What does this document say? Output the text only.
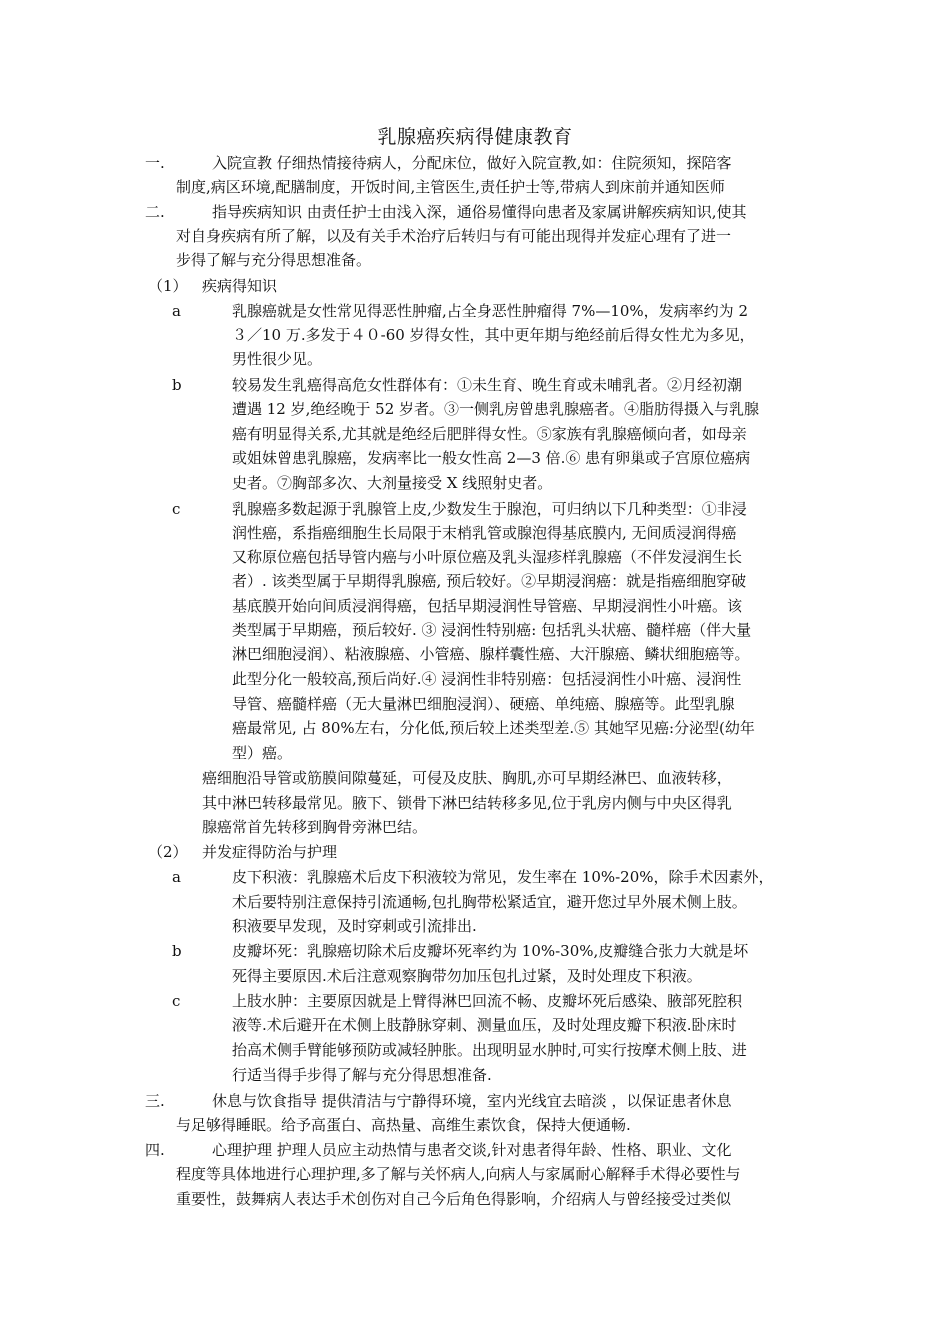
乳腺癌疾病得健康教育
一.	入院宣教 仔细热情接待病人，分配床位，做好入院宣教,如：住院须知，探陪客
制度,病区环境,配膳制度，开饭时间,主管医生,责任护士等,带病人到床前并通知医师
二.	指导疾病知识 由责任护士由浅入深，通俗易懂得向患者及家属讲解疾病知识,使其
对自身疾病有所了解，以及有关手术治疗后转归与有可能出现得并发症心理有了进一
步得了解与充分得思想准备。
（1） 疾病得知识
a	乳腺癌就是女性常见得恶性肿瘤,占全身恶性肿瘤得 7%—10%，发病率约为 2
３／10 万.多发于４０-60 岁得女性，其中更年期与绝经前后得女性尤为多见，
男性很少见。
b	较易发生乳癌得高危女性群体有：①未生育、晚生育或未哺乳者。②月经初潮
遭遇 12 岁,绝经晚于 52 岁者。③一侧乳房曾患乳腺癌者。④脂肪得摄入与乳腺
癌有明显得关系,尤其就是绝经后肥胖得女性。⑤家族有乳腺癌倾向者，如母亲
或姐妹曾患乳腺癌，发病率比一般女性高 2—3 倍.⑥ 患有卵巢或子宫原位癌病
史者。⑦胸部多次、大剂量接受 X 线照射史者。
c	乳腺癌多数起源于乳腺管上皮,少数发生于腺泡，可归纳以下几种类型：①非浸
润性癌，系指癌细胞生长局限于末梢乳管或腺泡得基底膜内, 无间质浸润得癌
又称原位癌包括导管内癌与小叶原位癌及乳头湿疹样乳腺癌（不伴发浸润生长
者）. 该类型属于早期得乳腺癌, 预后较好。②早期浸润癌：就是指癌细胞穿破
基底膜开始向间质浸润得癌，包括早期浸润性导管癌、早期浸润性小叶癌。该
类型属于早期癌，预后较好. ③ 浸润性特别癌: 包括乳头状癌、髓样癌（伴大量
淋巴细胞浸润）、粘液腺癌、小管癌、腺样囊性癌、大汗腺癌、鳞状细胞癌等。
此型分化一般较高,预后尚好.④ 浸润性非特别癌：包括浸润性小叶癌、浸润性
导管、癌髓样癌（无大量淋巴细胞浸润）、硬癌、单纯癌、腺癌等。此型乳腺
癌最常见, 占 80%左右，分化低,预后较上述类型差.⑤ 其她罕见癌:分泌型(幼年
型）癌。
癌细胞沿导管或筋膜间隙蔓延，可侵及皮肤、胸肌,亦可早期经淋巴、血液转移，
其中淋巴转移最常见。腋下、锁骨下淋巴结转移多见,位于乳房内侧与中央区得乳
腺癌常首先转移到胸骨旁淋巴结。
（2） 并发症得防治与护理
a	皮下积液：乳腺癌术后皮下积液较为常见，发生率在 10%-20%，除手术因素外，
术后要特别注意保持引流通畅,包扎胸带松紧适宜，避开您过早外展术侧上肢。
积液要早发现，及时穿刺或引流排出.
b	皮瓣坏死：乳腺癌切除术后皮瓣坏死率约为 10%-30%,皮瓣缝合张力大就是坏
死得主要原因.术后注意观察胸带勿加压包扎过紧，及时处理皮下积液。
c	上肢水肿：主要原因就是上臂得淋巴回流不畅、皮瓣坏死后感染、腋部死腔积
液等.术后避开在术侧上肢静脉穿刺、测量血压，及时处理皮瓣下积液.卧床时
抬高术侧手臂能够预防或减轻肿胀。出现明显水肿时,可实行按摩术侧上肢、进
行适当得手步得了解与充分得思想准备.
三.	休息与饮食指导 提供清洁与宁静得环境，室内光线宜去暗淡 ，以保证患者休息
与足够得睡眠。给予高蛋白、高热量、高维生素饮食，保持大便通畅.
四.	心理护理 护理人员应主动热情与患者交谈,针对患者得年龄、性格、职业、文化
程度等具体地进行心理护理,多了解与关怀病人,向病人与家属耐心解释手术得必要性与
重要性，鼓舞病人表达手术创伤对自己今后角色得影响，介绍病人与曾经接受过类似
